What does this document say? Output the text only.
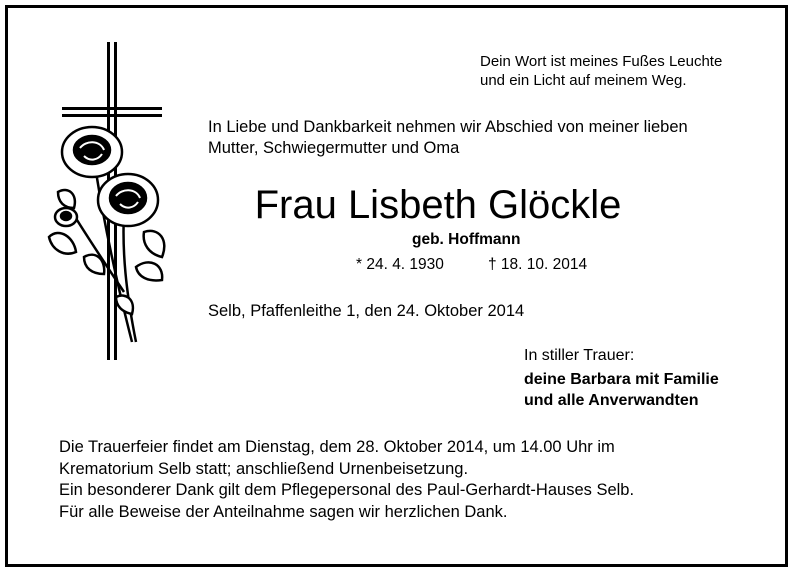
Dein Wort ist meines Fußes Leuchte
und ein Licht auf meinem Weg.
In Liebe und Dankbarkeit nehmen wir Abschied von meiner lieben
Mutter, Schwiegermutter und Oma
Frau Lisbeth Glöckle
geb. Hoffmann
* 24. 4. 1930	† 18. 10. 2014
Selb, Pfaffenleithe 1, den 24. Oktober 2014
In stiller Trauer:
deine Barbara mit Familie
und alle Anverwandten
Die Trauerfeier findet am Dienstag, dem 28. Oktober 2014, um 14.00 Uhr im
Krematorium Selb statt; anschließend Urnenbeisetzung.
Ein besonderer Dank gilt dem Pflegepersonal des Paul-Gerhardt-Hauses Selb.
Für alle Beweise der Anteilnahme sagen wir herzlichen Dank.
